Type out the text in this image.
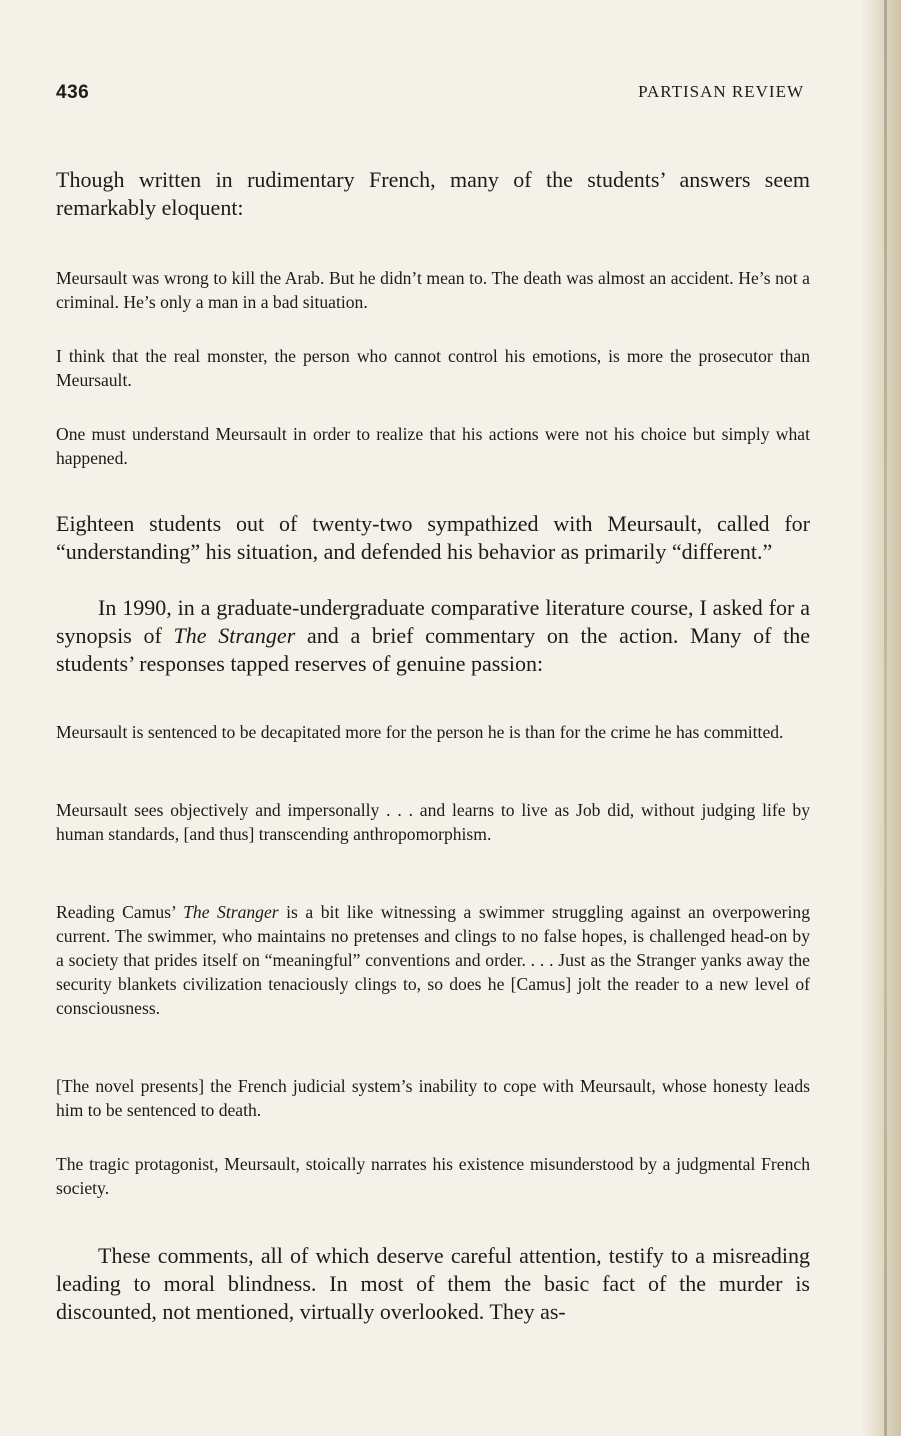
436	PARTISAN REVIEW

Though written in rudimentary French, many of the students’ answers seem remarkably eloquent:

Meursault was wrong to kill the Arab. But he didn’t mean to. The death was almost an accident. He’s not a criminal. He’s only a man in a bad situation.

I think that the real monster, the person who cannot control his emotions, is more the prosecutor than Meursault.

One must understand Meursault in order to realize that his actions were not his choice but simply what happened.

Eighteen students out of twenty-two sympathized with Meursault, called for “understanding” his situation, and defended his behavior as primarily “different.”

In 1990, in a graduate-undergraduate comparative literature course, I asked for a synopsis of The Stranger and a brief commentary on the action. Many of the students’ responses tapped reserves of genuine passion:

Meursault is sentenced to be decapitated more for the person he is than for the crime he has committed.

Meursault sees objectively and impersonally . . . and learns to live as Job did, without judging life by human standards, [and thus] transcending anthropomorphism.

Reading Camus’ The Stranger is a bit like witnessing a swimmer struggling against an overpowering current. The swimmer, who maintains no pretenses and clings to no false hopes, is challenged head-on by a society that prides itself on “meaningful” conventions and order. . . . Just as the Stranger yanks away the security blankets civilization tenaciously clings to, so does he [Camus] jolt the reader to a new level of consciousness.

[The novel presents] the French judicial system’s inability to cope with Meursault, whose honesty leads him to be sentenced to death.

The tragic protagonist, Meursault, stoically narrates his existence misunderstood by a judgmental French society.

These comments, all of which deserve careful attention, testify to a misreading leading to moral blindness. In most of them the basic fact of the murder is discounted, not mentioned, virtually overlooked. They as-
